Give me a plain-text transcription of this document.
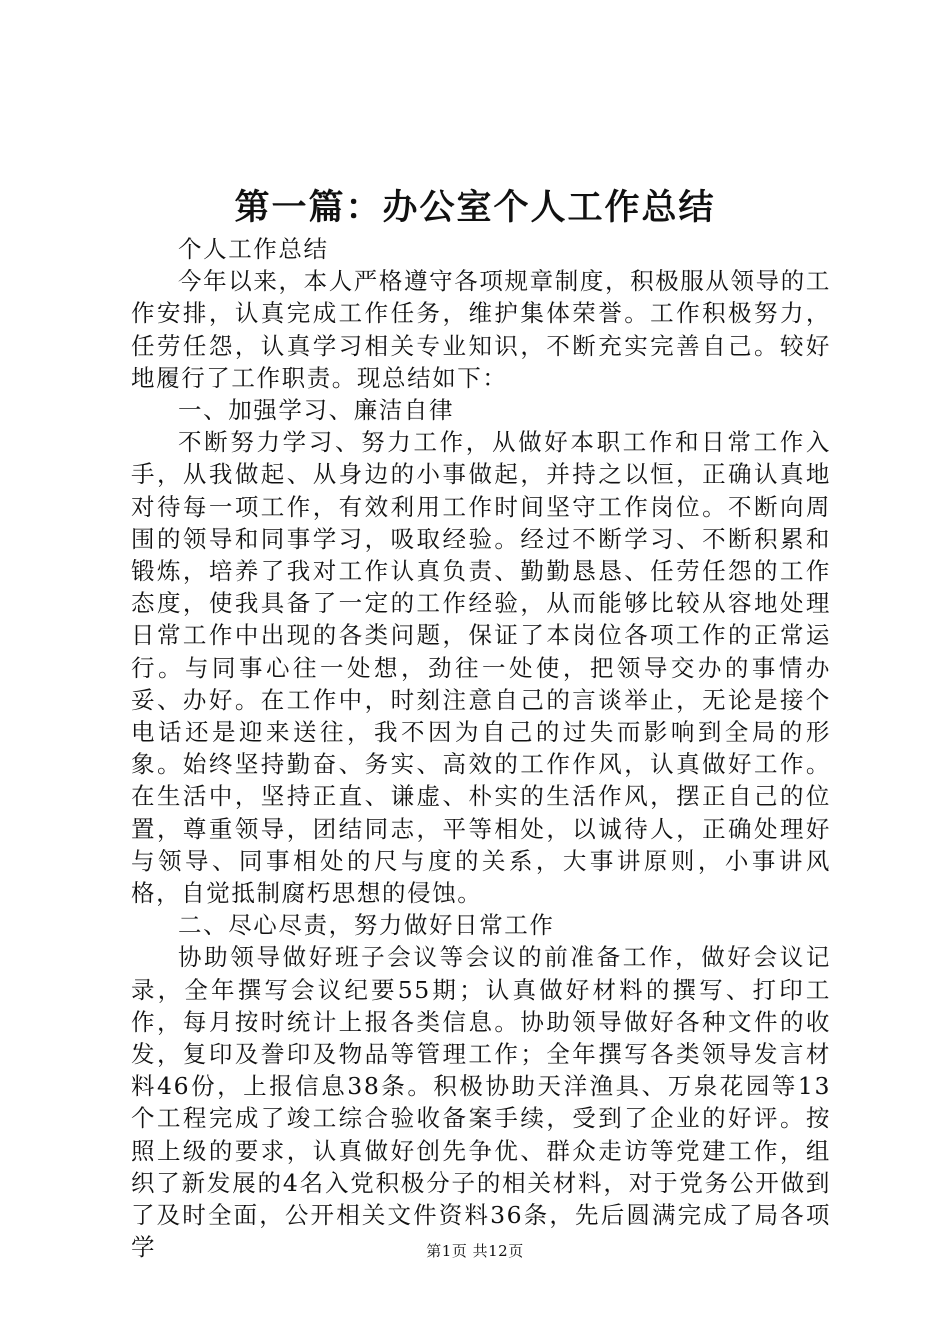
第一篇：办公室个人工作总结

个人工作总结

今年以来，本人严格遵守各项规章制度，积极服从领导的工作安排，认真完成工作任务，维护集体荣誉。工作积极努力，任劳任怨，认真学习相关专业知识，不断充实完善自己。较好地履行了工作职责。现总结如下：

一、加强学习、廉洁自律

不断努力学习、努力工作，从做好本职工作和日常工作入手，从我做起、从身边的小事做起，并持之以恒，正确认真地对待每一项工作，有效利用工作时间坚守工作岗位。不断向周围的领导和同事学习，吸取经验。经过不断学习、不断积累和锻炼，培养了我对工作认真负责、勤勤恳恳、任劳任怨的工作态度，使我具备了一定的工作经验，从而能够比较从容地处理日常工作中出现的各类问题，保证了本岗位各项工作的正常运行。与同事心往一处想，劲往一处使，把领导交办的事情办妥、办好。在工作中，时刻注意自己的言谈举止，无论是接个电话还是迎来送往，我不因为自己的过失而影响到全局的形象。始终坚持勤奋、务实、高效的工作作风，认真做好工作。在生活中，坚持正直、谦虚、朴实的生活作风，摆正自己的位置，尊重领导，团结同志，平等相处，以诚待人，正确处理好与领导、同事相处的尺与度的关系，大事讲原则，小事讲风格，自觉抵制腐朽思想的侵蚀。

二、尽心尽责，努力做好日常工作

协助领导做好班子会议等会议的前准备工作，做好会议记录，全年撰写会议纪要55期；认真做好材料的撰写、打印工作，每月按时统计上报各类信息。协助领导做好各种文件的收发，复印及誊印及物品等管理工作；全年撰写各类领导发言材料46份，上报信息38条。积极协助天洋渔具、万泉花园等13个工程完成了竣工综合验收备案手续，受到了企业的好评。按照上级的要求，认真做好创先争优、群众走访等党建工作，组织了新发展的4名入党积极分子的相关材料，对于党务公开做到了及时全面，公开相关文件资料36条，先后圆满完成了局各项学	第1页 共12页
